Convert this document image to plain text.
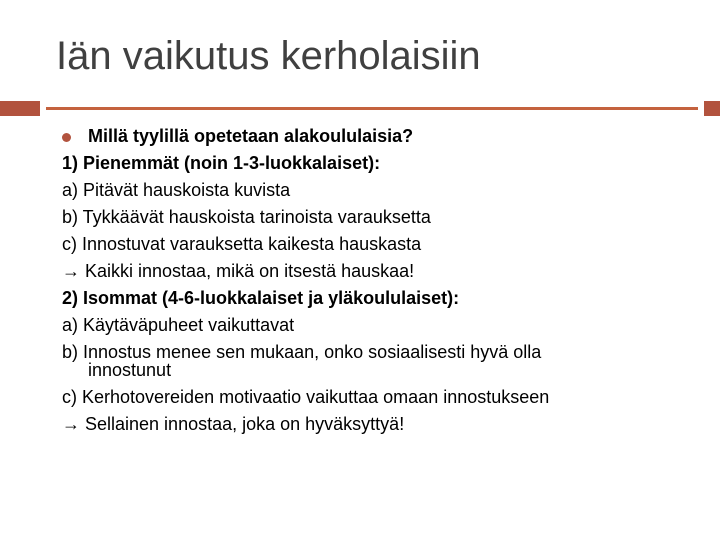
Iän vaikutus kerholaisiin
Millä tyylillä opetetaan alakoululaisia?
1) Pienemmät (noin 1-3-luokkalaiset):
a) Pitävät hauskoista kuvista
b) Tykkäävät hauskoista tarinoista varauksetta
c) Innostuvat varauksetta kaikesta hauskasta
→ Kaikki innostaa, mikä on itsestä hauskaa!
2) Isommat (4-6-luokkalaiset ja yläkoululaiset):
a) Käytäväpuheet vaikuttavat
b) Innostus menee sen mukaan, onko sosiaalisesti hyvä olla
innostunut
c) Kerhotovereiden motivaatio vaikuttaa omaan innostukseen
→ Sellainen innostaa, joka on hyväksyttyä!
